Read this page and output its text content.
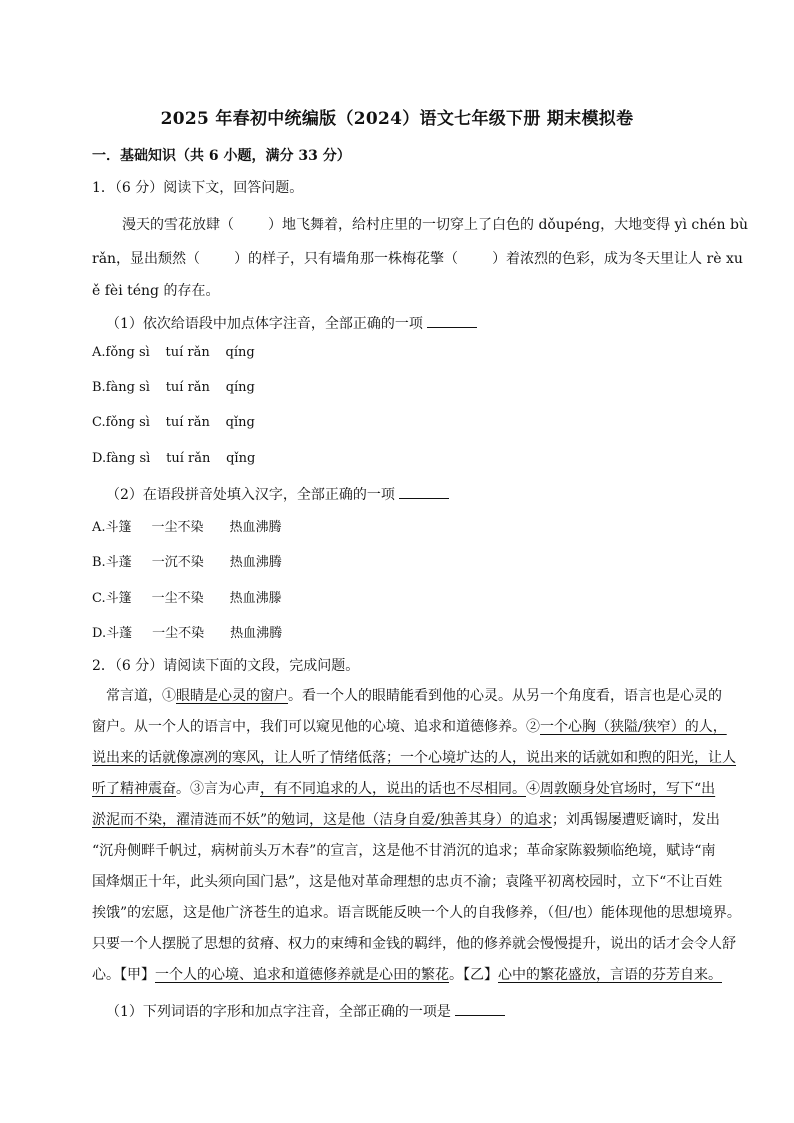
2025 年春初中统编版（2024）语文七年级下册 期末模拟卷
一．基础知识（共 6 小题，满分 33 分）
1．（6 分）阅读下文，回答问题。
漫天的雪花放肆（ ）地飞舞着，给村庄里的一切穿上了白色的 dǒupéng，大地变得 yì chén bù
rǎn，显出颓然（ ）的样子，只有墙角那一株梅花擎（ ）着浓烈的色彩，成为冬天里让人 rè xu
ě fèi téng 的存在。
（1）依次给语段中加点体字注音，全部正确的一项
A.fǒng sì tuí rǎn qíng
B.fàng sì tuí rǎn qíng
C.fǒng sì tuí rǎn qǐng
D.fàng sì tuí rǎn qǐng
（2）在语段拼音处填入汉字，全部正确的一项
A.斗篷 一尘不染 热血沸腾
B.斗蓬 一沉不染 热血沸腾
C.斗篷 一尘不染 热血沸滕
D.斗蓬 一尘不染 热血沸腾
2．（6 分）请阅读下面的文段，完成问题。
常言道，①眼睛是心灵的窗户。看一个人的眼睛能看到他的心灵。从另一个角度看，语言也是心灵的
窗户。从一个人的语言中，我们可以窥见他的心境、追求和道德修养。②一个心胸（狭隘/狭窄）的人，
说出来的话就像凛冽的寒风，让人听了情绪低落；一个心境圹达的人，说出来的话就如和煦的阳光，让人
听了精神震奋。③言为心声，有不同追求的人，说出的话也不尽相同。④周敦颐身处官场时，写下“出
淤泥而不染，濯清涟而不妖”的勉词，这是他（洁身自爱/独善其身）的追求；刘禹锡屡遭贬谪时，发出
“沉舟侧畔千帆过，病树前头万木春”的宣言，这是他不甘消沉的追求；革命家陈毅频临绝境，赋诗“南
国烽烟正十年，此头须向国门悬”，这是他对革命理想的忠贞不渝；袁隆平初离校园时，立下“不让百姓
挨饿”的宏愿，这是他广济苍生的追求。语言既能反映一个人的自我修养，（但/也）能体现他的思想境界。
只要一个人摆脱了思想的贫瘠、权力的束缚和金钱的羁绊，他的修养就会慢慢提升，说出的话才会令人舒
心。【甲】一个人的心境、追求和道德修养就是心田的繁花。【乙】心中的繁花盛放，言语的芬芳自来。
（1）下列词语的字形和加点字注音，全部正确的一项是
